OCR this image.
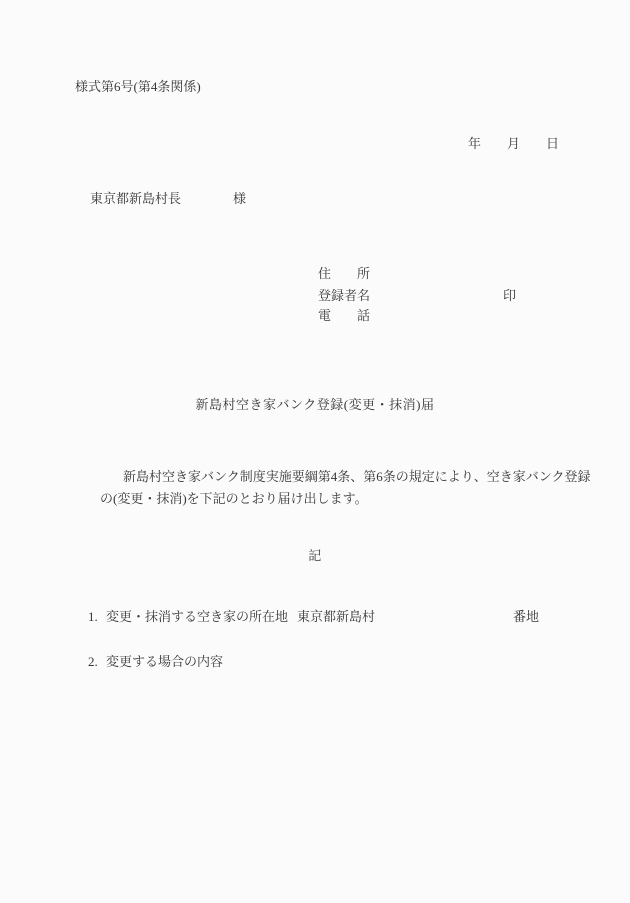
様式第6号(第4条関係)
年　　月　　日
東京都新島村長　　　　様
住　　所
登録者名
電　　話
印
新島村空き家バンク登録(変更・抹消)届
新島村空き家バンク制度実施要綱第4条、第6条の規定により、空き家バンク登録
の(変更・抹消)を下記のとおり届け出します。
記
1. 変更・抹消する空き家の所在地 東京都新島村	番地
2. 変更する場合の内容
